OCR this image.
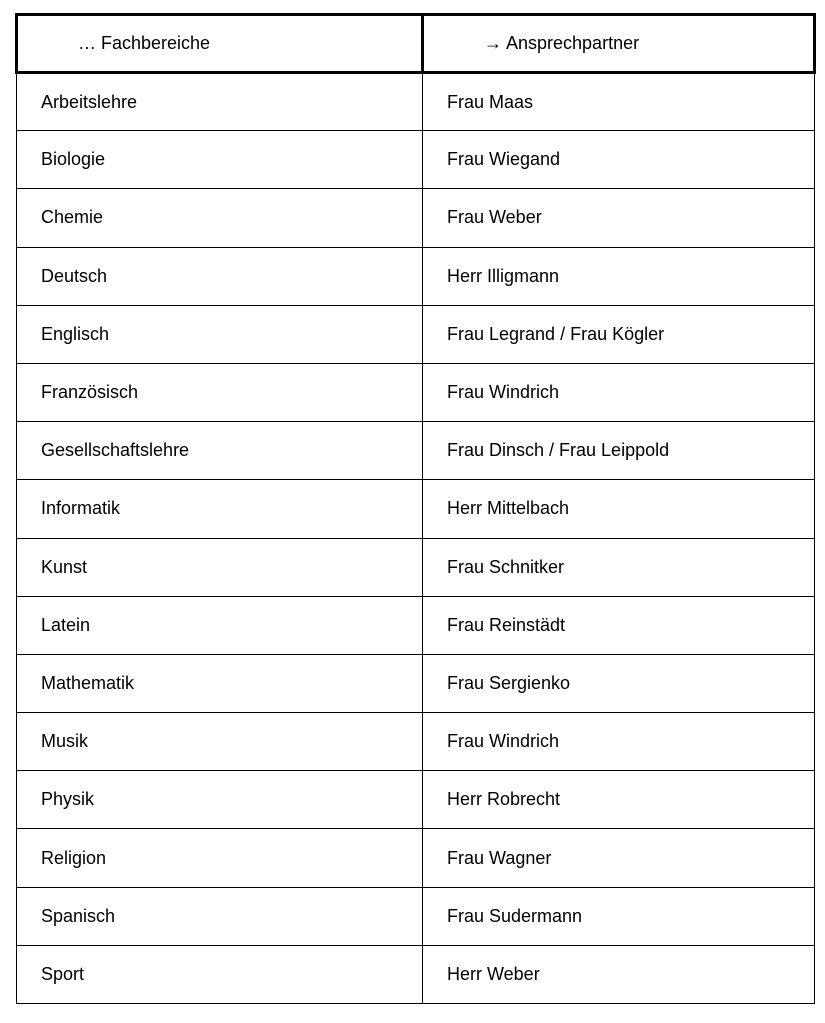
… Fachbereiche	→ Ansprechpartner
Arbeitslehre	Frau Maas
Biologie	Frau Wiegand
Chemie	Frau Weber
Deutsch	Herr Illigmann
Englisch	Frau Legrand / Frau Kögler
Französisch	Frau Windrich
Gesellschaftslehre	Frau Dinsch / Frau Leippold
Informatik	Herr Mittelbach
Kunst	Frau Schnitker
Latein	Frau Reinstädt
Mathematik	Frau Sergienko
Musik	Frau Windrich
Physik	Herr Robrecht
Religion	Frau Wagner
Spanisch	Frau Sudermann
Sport	Herr Weber
